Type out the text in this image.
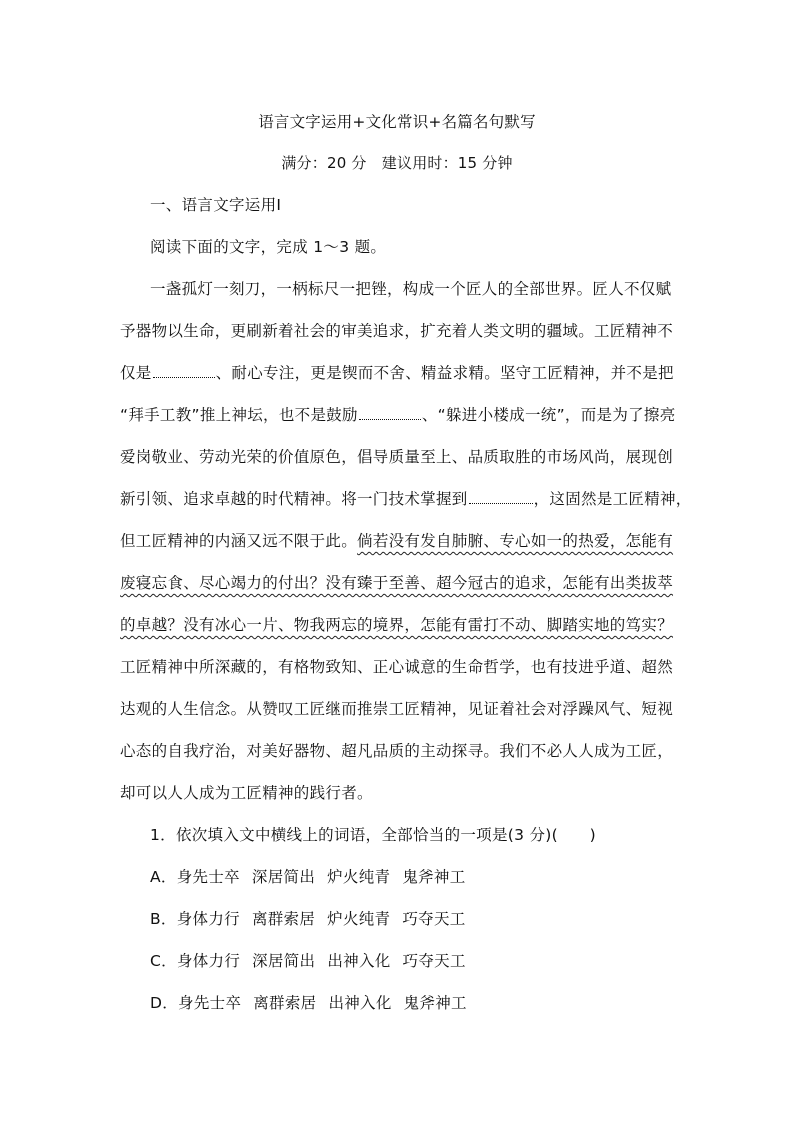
语言文字运用+文化常识+名篇名句默写
满分：20 分　建议用时：15 分钟
一、语言文字运用Ⅰ
阅读下面的文字，完成 1～3 题。
一盏孤灯一刻刀，一柄标尺一把锉，构成一个匠人的全部世界。匠人不仅赋
予器物以生命，更刷新着社会的审美追求，扩充着人类文明的疆域。工匠精神不
仅是	、耐心专注，更是锲而不舍、精益求精。坚守工匠精神，并不是把
“拜手工教”推上神坛，也不是鼓励	、“躲进小楼成一统”，而是为了擦亮
爱岗敬业、劳动光荣的价值原色，倡导质量至上、品质取胜的市场风尚，展现创
新引领、追求卓越的时代精神。将一门技术掌握到	，这固然是工匠精神，
但工匠精神的内涵又远不限于此。倘若没有发自肺腑、专心如一的热爱，怎能有
废寝忘食、尽心竭力的付出？没有臻于至善、超今冠古的追求，怎能有出类拔萃
的卓越？没有冰心一片、物我两忘的境界，怎能有雷打不动、脚踏实地的笃实？
工匠精神中所深藏的，有格物致知、正心诚意的生命哲学，也有技进乎道、超然
达观的人生信念。从赞叹工匠继而推崇工匠精神，见证着社会对浮躁风气、短视
心态的自我疗治，对美好器物、超凡品质的主动探寻。我们不必人人成为工匠，
却可以人人成为工匠精神的践行者。
1．依次填入文中横线上的词语，全部恰当的一项是(3 分)(　　)
A．身先士卒 深居简出 炉火纯青 鬼斧神工
B．身体力行 离群索居 炉火纯青 巧夺天工
C．身体力行 深居简出 出神入化 巧夺天工
D．身先士卒 离群索居 出神入化 鬼斧神工
